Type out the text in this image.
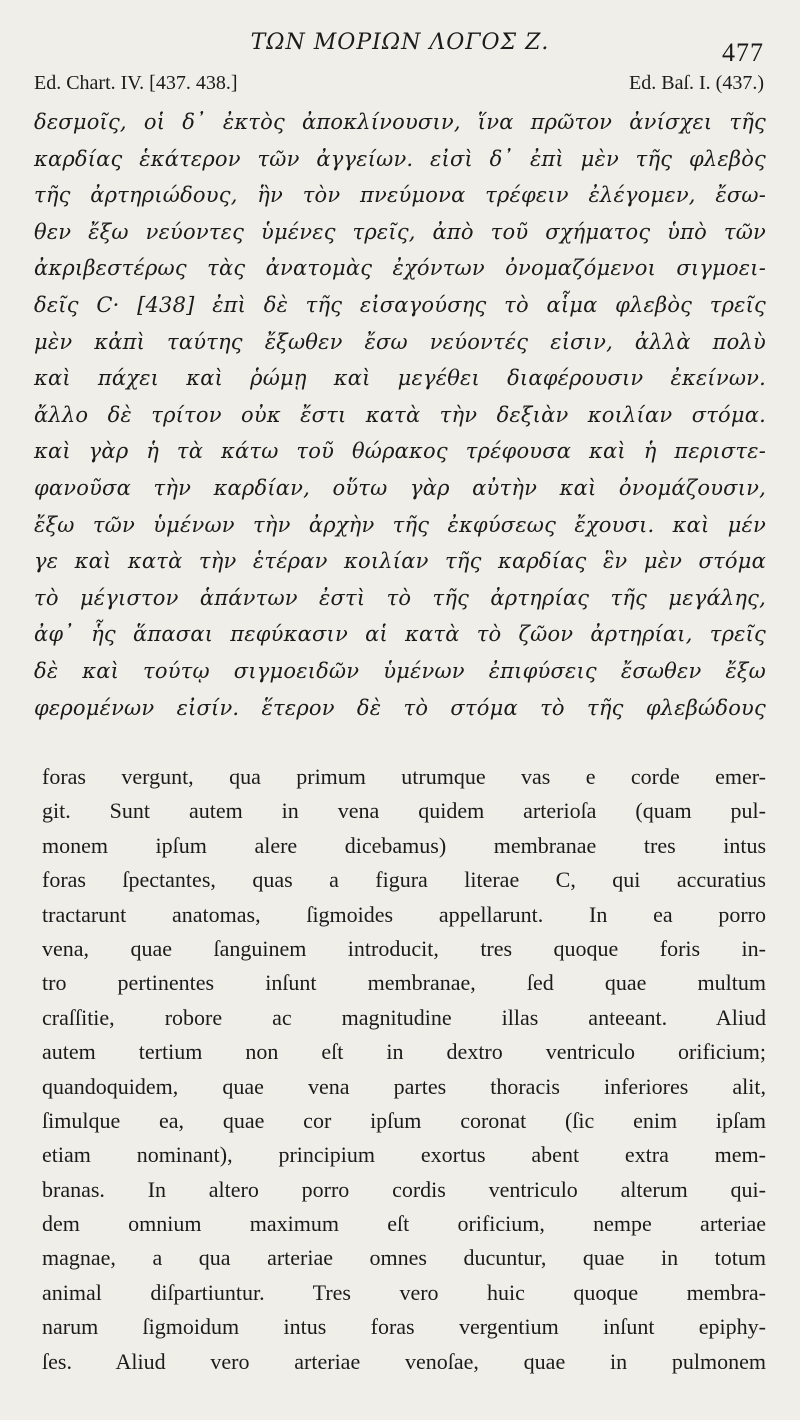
ΤΩΝ ΜΟΡΙΩΝ ΛΟΓΟΣ Ζ.	477
Ed. Chart. IV. [437. 438.]	Ed. Baſ. I. (437.)
δεσμοῖς, οἱ δ᾽ ἐκτὸς ἀποκλίνουσιν, ἵνα πρῶτον ἀνίσχει τῆς
καρδίας ἑκάτερον τῶν ἀγγείων. εἰσὶ δ᾽ ἐπὶ μὲν τῆς φλεβὸς
τῆς ἀρτηριώδους, ἣν τὸν πνεύμονα τρέφειν ἐλέγομεν, ἔσω-
θεν ἔξω νεύοντες ὑμένες τρεῖς, ἀπὸ τοῦ σχήματος ὑπὸ τῶν
ἀκριβεστέρως τὰς ἀνατομὰς ἐχόντων ὀνομαζόμενοι σιγμοει-
δεῖς C· [438] ἐπὶ δὲ τῆς εἰσαγούσης τὸ αἷμα φλεβὸς τρεῖς
μὲν κἀπὶ ταύτης ἔξωθεν ἔσω νεύοντές εἰσιν, ἀλλὰ πολὺ
καὶ πάχει καὶ ῥώμῃ καὶ μεγέθει διαφέρουσιν ἐκείνων.
ἄλλο δὲ τρίτον οὐκ ἔστι κατὰ τὴν δεξιὰν κοιλίαν στόμα.
καὶ γὰρ ἡ τὰ κάτω τοῦ θώρακος τρέφουσα καὶ ἡ περιστε-
φανοῦσα τὴν καρδίαν, οὕτω γὰρ αὐτὴν καὶ ὀνομάζουσιν,
ἔξω τῶν ὑμένων τὴν ἀρχὴν τῆς ἐκφύσεως ἔχουσι. καὶ μέν
γε καὶ κατὰ τὴν ἑτέραν κοιλίαν τῆς καρδίας ἓν μὲν στόμα
τὸ μέγιστον ἁπάντων ἐστὶ τὸ τῆς ἀρτηρίας τῆς μεγάλης,
ἀφ᾽ ἧς ἅπασαι πεφύκασιν αἱ κατὰ τὸ ζῶον ἀρτηρίαι, τρεῖς
δὲ καὶ τούτῳ σιγμοειδῶν ὑμένων ἐπιφύσεις ἔσωθεν ἔξω
φερομένων εἰσίν. ἕτερον δὲ τὸ στόμα τὸ τῆς φλεβώδους
foras vergunt, qua primum utrumque vas e corde emer-
git. Sunt autem in vena quidem arterioſa (quam pul-
monem ipſum alere dicebamus) membranae tres intus
foras ſpectantes, quas a figura literae C, qui accuratius
tractarunt anatomas, ſigmoides appellarunt. In ea porro
vena, quae ſanguinem introducit, tres quoque foris in-
tro pertinentes inſunt membranae, ſed quae multum
craſſitie, robore ac magnitudine illas anteeant. Aliud
autem tertium non eſt in dextro ventriculo orificium;
quandoquidem, quae vena partes thoracis inferiores alit,
ſimulque ea, quae cor ipſum coronat (ſic enim ipſam
etiam nominant), principium exortus abent extra mem-
branas. In altero porro cordis ventriculo alterum qui-
dem omnium maximum eſt orificium, nempe arteriae
magnae, a qua arteriae omnes ducuntur, quae in totum
animal diſpartiuntur. Tres vero huic quoque membra-
narum ſigmoidum intus foras vergentium inſunt epiphy-
ſes. Aliud vero arteriae venoſae, quae in pulmonem
